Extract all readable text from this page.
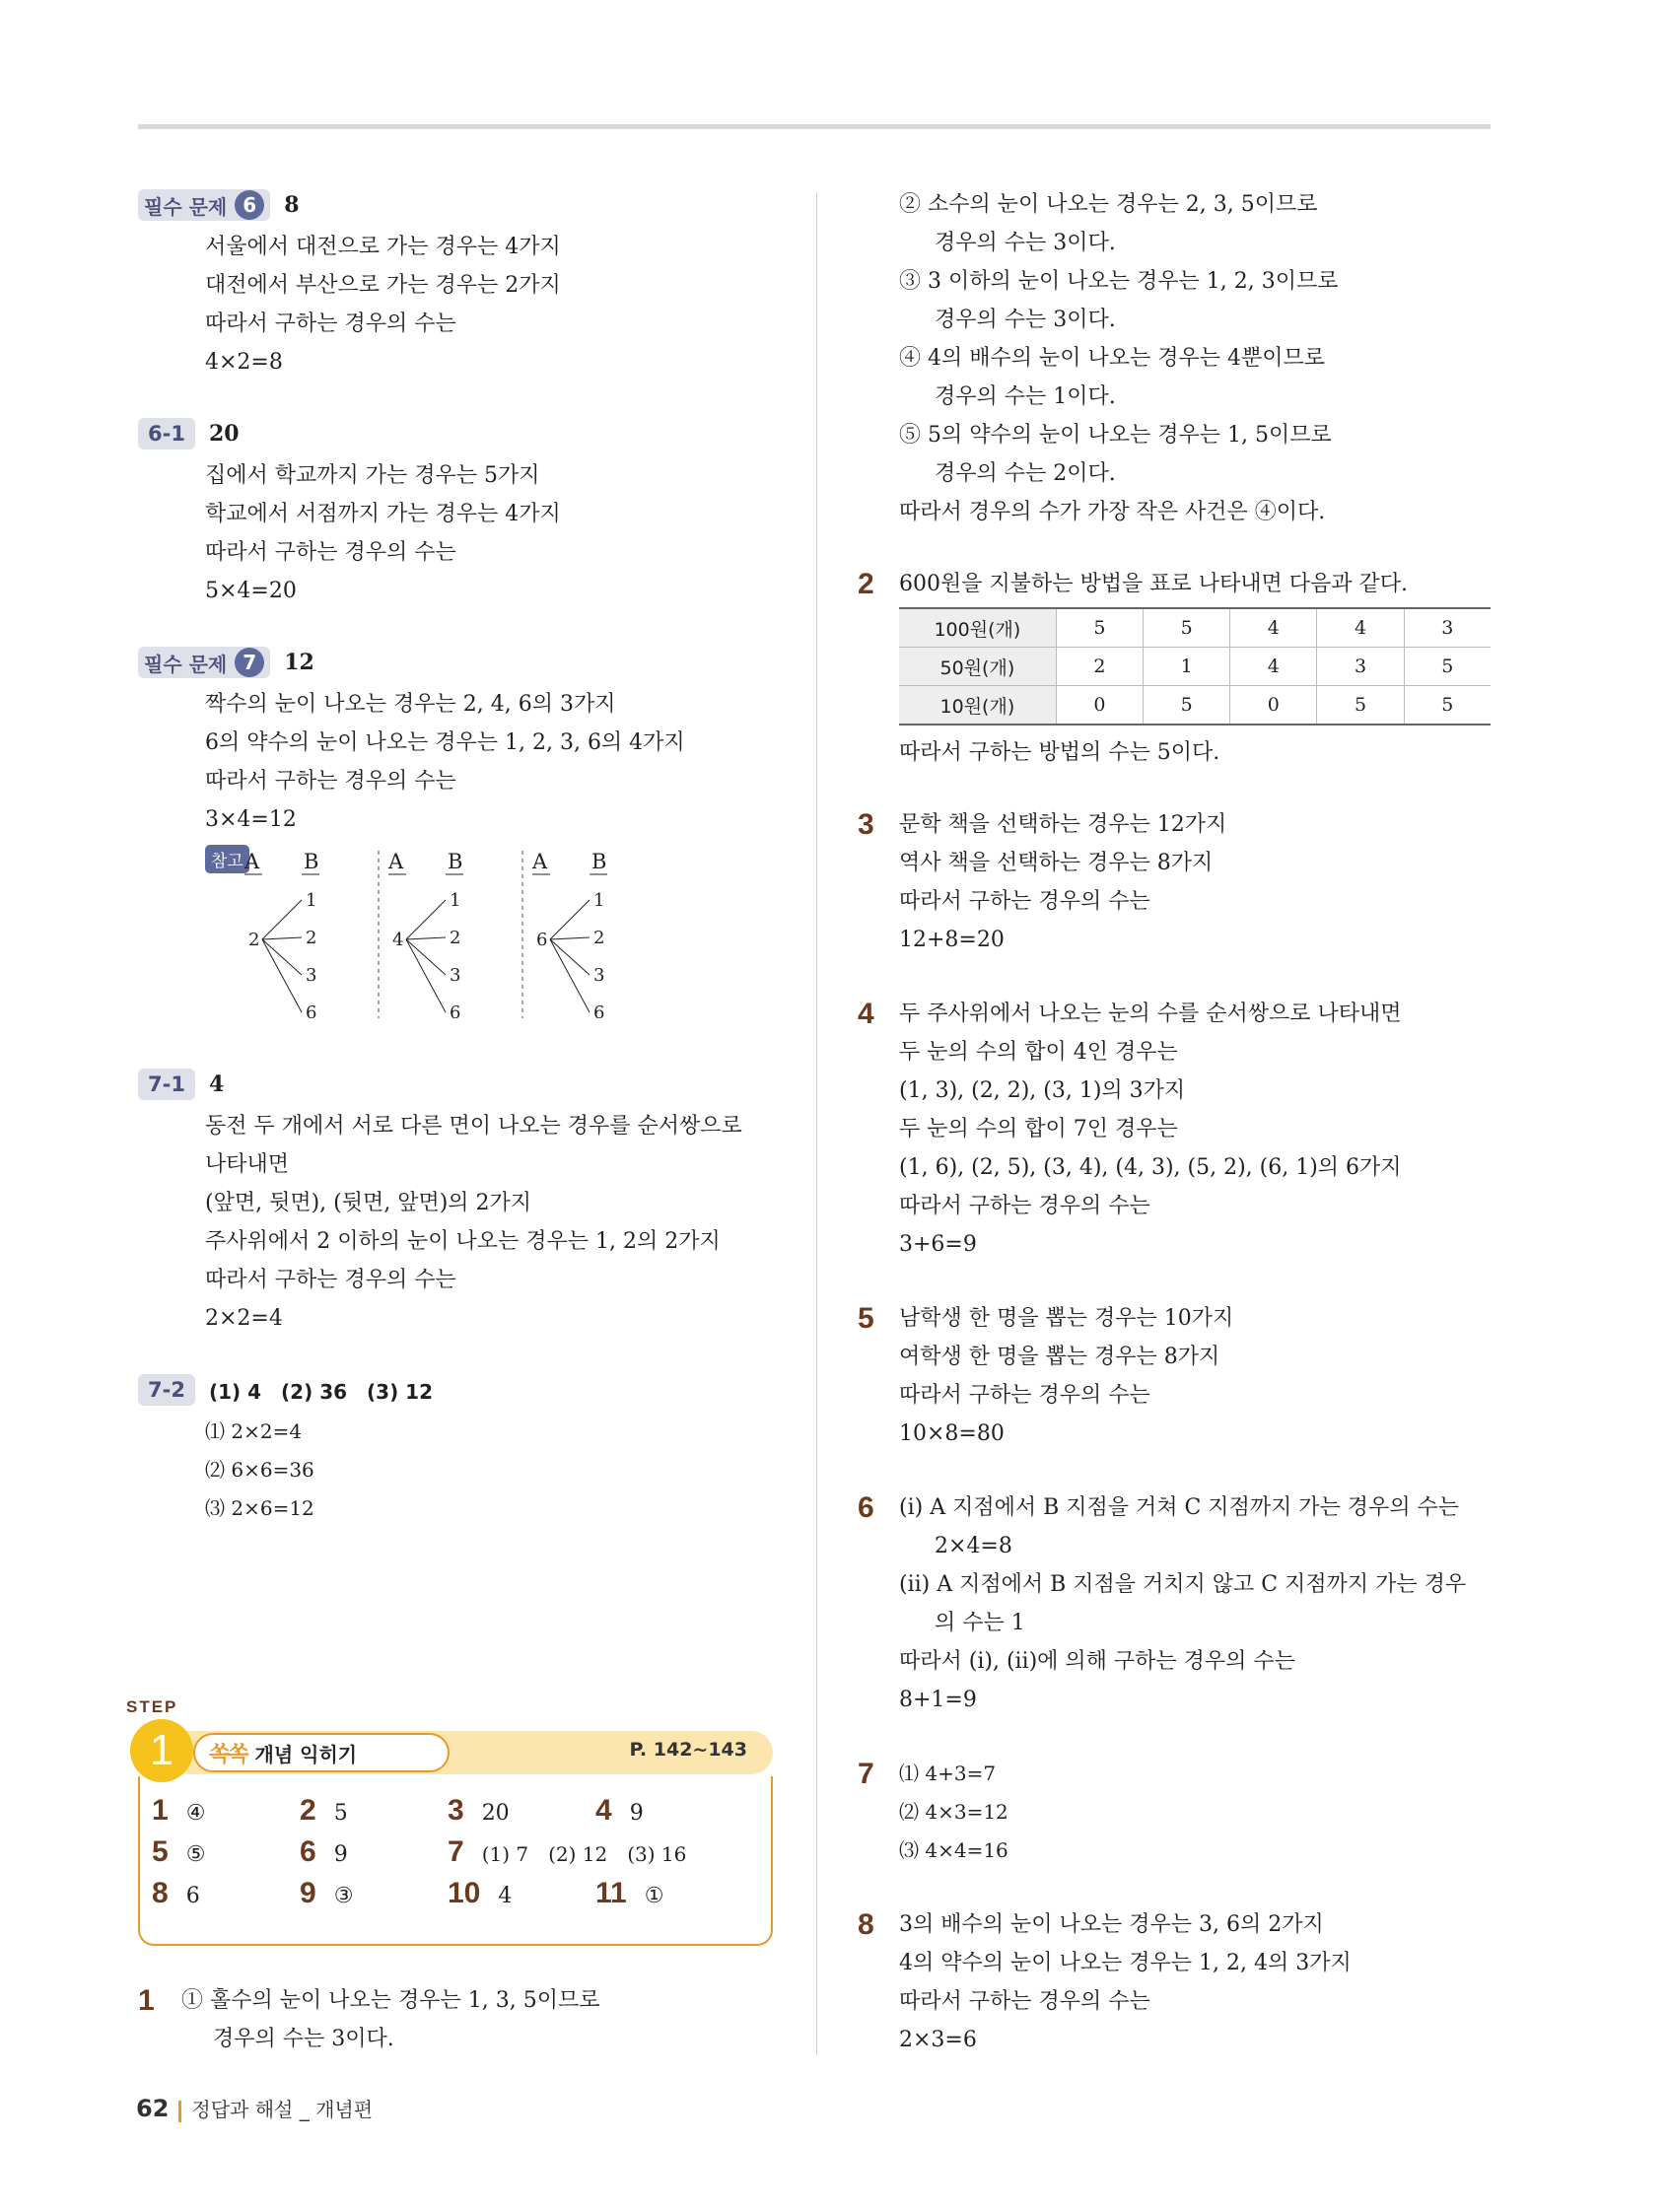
필수 문제 6	8
서울에서 대전으로 가는 경우는 4가지
대전에서 부산으로 가는 경우는 2가지
따라서 구하는 경우의 수는
4×2=8
6-1	20
집에서 학교까지 가는 경우는 5가지
학교에서 서점까지 가는 경우는 4가지
따라서 구하는 경우의 수는
5×4=20
필수 문제 7	12
짝수의 눈이 나오는 경우는 2, 4, 6의 3가지
6의 약수의 눈이 나오는 경우는 1, 2, 3, 6의 4가지
따라서 구하는 경우의 수는
3×4=12
참고 A B
2
1
2
3
6
A B
4
1
2
3
6
A B
6
1
2
3
6
7-1	4
동전 두 개에서 서로 다른 면이 나오는 경우를 순서쌍으로
나타내면
(앞면, 뒷면), (뒷면, 앞면)의 2가지
주사위에서 2 이하의 눈이 나오는 경우는 1, 2의 2가지
따라서 구하는 경우의 수는
2×2=4
7-2	(1) 4　(2) 36　(3) 12
⑴ 2×2=4
⑵ 6×6=36
⑶ 2×6=12
STEP
1	쏙쏙 개념 익히기	P. 142~143
1 ④	2 5	3 20	4 9
5 ⑤	6 9	7 (1) 7　(2) 12　(3) 16
8 6	9 ③	10 4	11 ①
1 ① 홀수의 눈이 나오는 경우는 1, 3, 5이므로
경우의 수는 3이다.
② 소수의 눈이 나오는 경우는 2, 3, 5이므로
경우의 수는 3이다.
③ 3 이하의 눈이 나오는 경우는 1, 2, 3이므로
경우의 수는 3이다.
④ 4의 배수의 눈이 나오는 경우는 4뿐이므로
경우의 수는 1이다.
⑤ 5의 약수의 눈이 나오는 경우는 1, 5이므로
경우의 수는 2이다.
따라서 경우의 수가 가장 작은 사건은 ④이다.
2 600원을 지불하는 방법을 표로 나타내면 다음과 같다.
100원(개)	5	5	4	4	3
50원(개)	2	1	4	3	5
10원(개)	0	5	0	5	5
따라서 구하는 방법의 수는 5이다.
3 문학 책을 선택하는 경우는 12가지
역사 책을 선택하는 경우는 8가지
따라서 구하는 경우의 수는
12+8=20
4 두 주사위에서 나오는 눈의 수를 순서쌍으로 나타내면
두 눈의 수의 합이 4인 경우는
(1, 3), (2, 2), (3, 1)의 3가지
두 눈의 수의 합이 7인 경우는
(1, 6), (2, 5), (3, 4), (4, 3), (5, 2), (6, 1)의 6가지
따라서 구하는 경우의 수는
3+6=9
5 남학생 한 명을 뽑는 경우는 10가지
여학생 한 명을 뽑는 경우는 8가지
따라서 구하는 경우의 수는
10×8=80
6 (ⅰ) A 지점에서 B 지점을 거쳐 C 지점까지 가는 경우의 수는
2×4=8
(ⅱ) A 지점에서 B 지점을 거치지 않고 C 지점까지 가는 경우
의 수는 1
따라서 (ⅰ), (ⅱ)에 의해 구하는 경우의 수는
8+1=9
7 ⑴ 4+3=7
⑵ 4×3=12
⑶ 4×4=16
8 3의 배수의 눈이 나오는 경우는 3, 6의 2가지
4의 약수의 눈이 나오는 경우는 1, 2, 4의 3가지
따라서 구하는 경우의 수는
2×3=6
62 정답과 해설 _ 개념편
